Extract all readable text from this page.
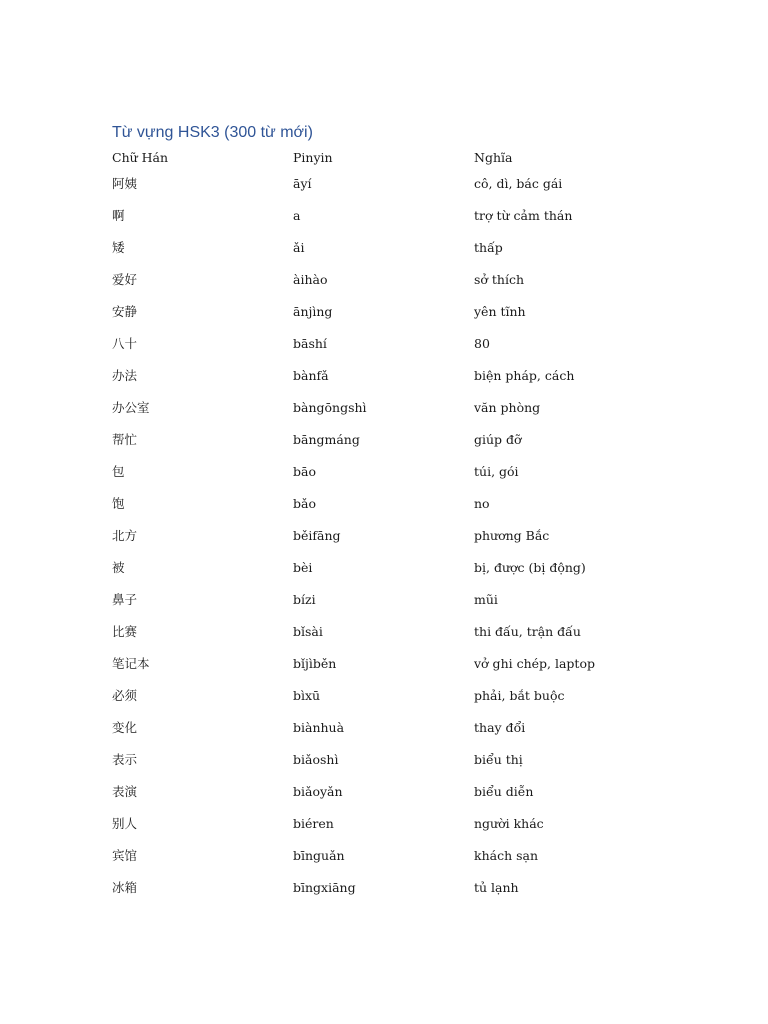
Từ vựng HSK3 (300 từ mới)
Chữ Hán	Pinyin	Nghĩa
阿姨	āyí	cô, dì, bác gái
啊	a	trợ từ cảm thán
矮	ǎi	thấp
爱好	àihào	sở thích
安静	ānjìng	yên tĩnh
八十	bāshí	80
办法	bànfǎ	biện pháp, cách
办公室	bàngōngshì	văn phòng
帮忙	bāngmáng	giúp đỡ
包	bāo	túi, gói
饱	bǎo	no
北方	běifāng	phương Bắc
被	bèi	bị, được (bị động)
鼻子	bízi	mũi
比赛	bǐsài	thi đấu, trận đấu
笔记本	bǐjìběn	vở ghi chép, laptop
必须	bìxū	phải, bắt buộc
变化	biànhuà	thay đổi
表示	biǎoshì	biểu thị
表演	biǎoyǎn	biểu diễn
别人	biéren	người khác
宾馆	bīnguǎn	khách sạn
冰箱	bīngxiāng	tủ lạnh
